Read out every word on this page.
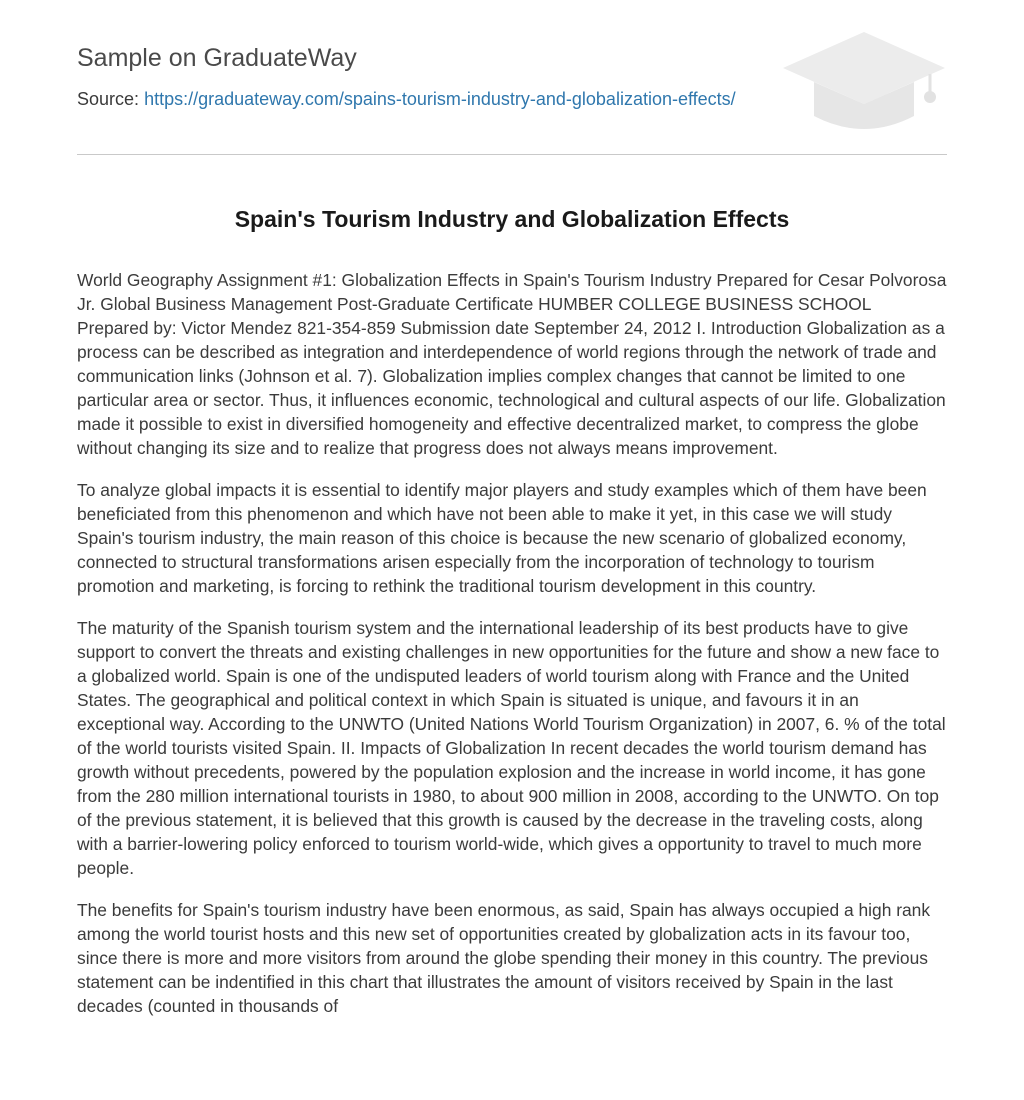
Sample on GraduateWay
Source: https://graduateway.com/spains-tourism-industry-and-globalization-effects/
Spain's Tourism Industry and Globalization Effects

World Geography Assignment #1: Globalization Effects in Spain's Tourism Industry Prepared for Cesar Polvorosa Jr. Global Business Management Post-Graduate Certificate HUMBER COLLEGE BUSINESS SCHOOL Prepared by: Victor Mendez 821-354-859 Submission date September 24, 2012 I. Introduction Globalization as a process can be described as integration and interdependence of world regions through the network of trade and communication links (Johnson et al. 7). Globalization implies complex changes that cannot be limited to one particular area or sector. Thus, it influences economic, technological and cultural aspects of our life. Globalization made it possible to exist in diversified homogeneity and effective decentralized market, to compress the globe without changing its size and to realize that progress does not always means improvement.

To analyze global impacts it is essential to identify major players and study examples which of them have been beneficiated from this phenomenon and which have not been able to make it yet, in this case we will study Spain's tourism industry, the main reason of this choice is because the new scenario of globalized economy, connected to structural transformations arisen especially from the incorporation of technology to tourism promotion and marketing, is forcing to rethink the traditional tourism development in this country.

The maturity of the Spanish tourism system and the international leadership of its best products have to give support to convert the threats and existing challenges in new opportunities for the future and show a new face to a globalized world. Spain is one of the undisputed leaders of world tourism along with France and the United States. The geographical and political context in which Spain is situated is unique, and favours it in an exceptional way. According to the UNWTO (United Nations World Tourism Organization) in 2007, 6. % of the total of the world tourists visited Spain. II. Impacts of Globalization In recent decades the world tourism demand has growth without precedents, powered by the population explosion and the increase in world income, it has gone from the 280 million international tourists in 1980, to about 900 million in 2008, according to the UNWTO. On top of the previous statement, it is believed that this growth is caused by the decrease in the traveling costs, along with a barrier-lowering policy enforced to tourism world-wide, which gives a opportunity to travel to much more people.

The benefits for Spain's tourism industry have been enormous, as said, Spain has always occupied a high rank among the world tourist hosts and this new set of opportunities created by globalization acts in its favour too, since there is more and more visitors from around the globe spending their money in this country. The previous statement can be indentified in this chart that illustrates the amount of visitors received by Spain in the last decades (counted in thousands of
